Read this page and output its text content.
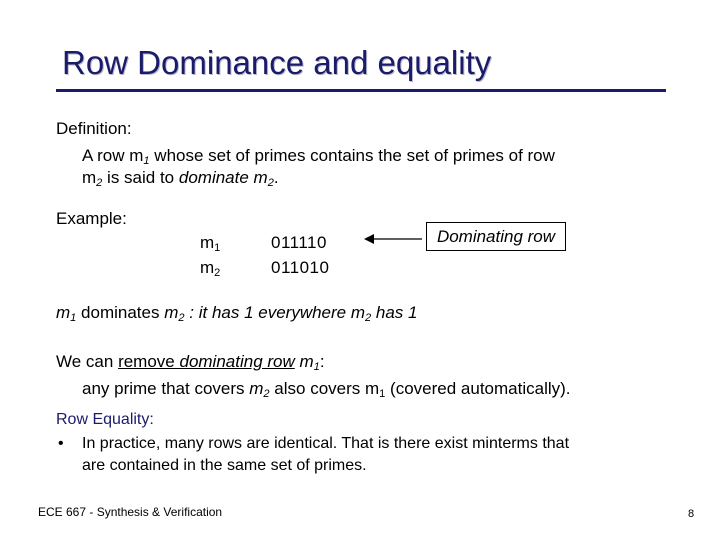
Row Dominance and equality
Definition:
A row $m_1$ whose set of primes contains the set of primes of row
$m_2$ is said to dominate $m_2$.
Example:
$m_1$	011110
$m_2$	011010
Dominating row
$m_1$ dominates $m_2$ : it has 1 everywhere $m_2$ has 1
We can remove dominating row $m_1$:
any prime that covers $m_2$ also covers $m_1$ (covered automatically).
Row Equality:
• In practice, many rows are identical. That is there exist minterms that
are contained in the same set of primes.
ECE 667 - Synthesis & Verification	8
